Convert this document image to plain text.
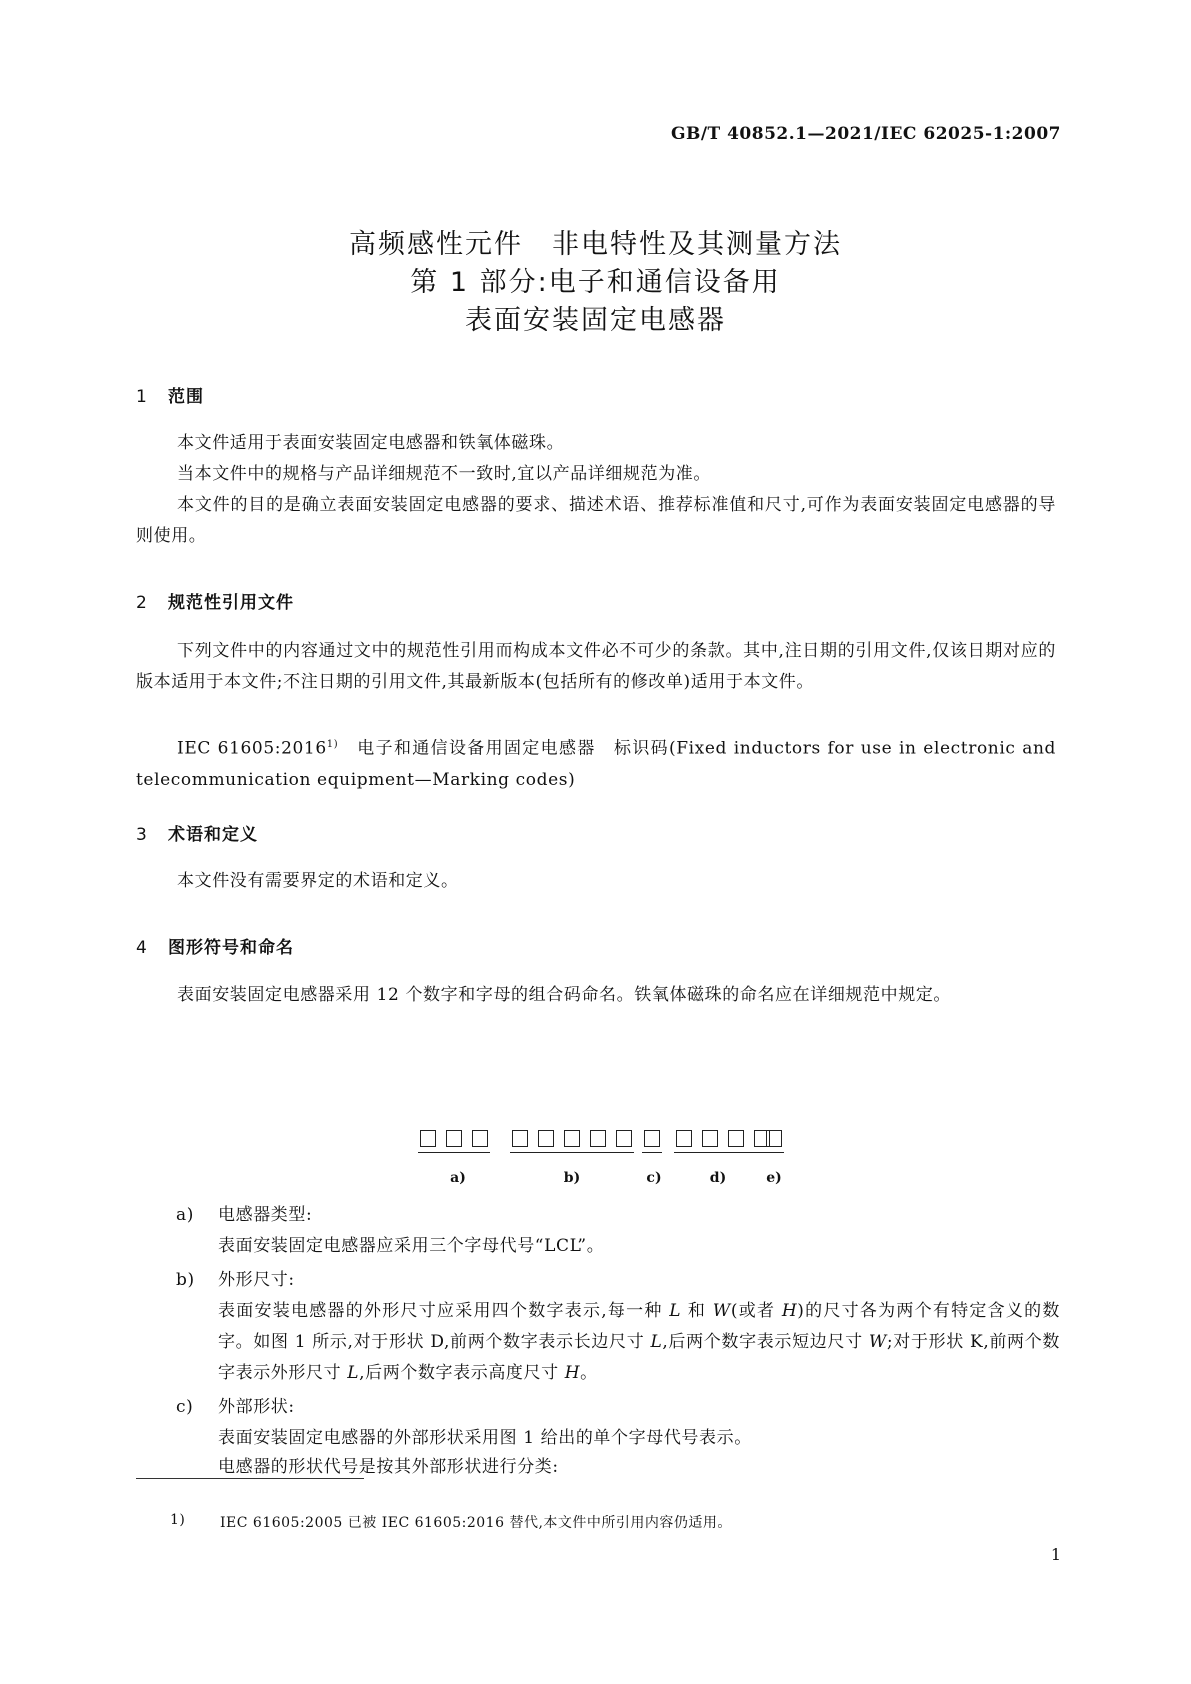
GB/T 40852.1—2021/IEC 62025-1:2007
高频感性元件　非电特性及其测量方法
第 1 部分:电子和通信设备用
表面安装固定电感器
1 范围
本文件适用于表面安装固定电感器和铁氧体磁珠。
当本文件中的规格与产品详细规范不一致时,宜以产品详细规范为准。
本文件的目的是确立表面安装固定电感器的要求、描述术语、推荐标准值和尺寸,可作为表面安装固定电感器的导则使用。
2 规范性引用文件
下列文件中的内容通过文中的规范性引用而构成本文件必不可少的条款。其中,注日期的引用文件,仅该日期对应的版本适用于本文件;不注日期的引用文件,其最新版本(包括所有的修改单)适用于本文件。
IEC 61605:2016$^{1)}$　电子和通信设备用固定电感器　标识码(Fixed inductors for use in electronic and telecommunication equipment—Marking codes)
3 术语和定义
本文件没有需要界定的术语和定义。
4 图形符号和命名
表面安装固定电感器采用 12 个数字和字母的组合码命名。铁氧体磁珠的命名应在详细规范中规定。
a)	b)	c)	d)	e)
a) 电感器类型:
表面安装固定电感器应采用三个字母代号“LCL”。
b) 外形尺寸:
表面安装电感器的外形尺寸应采用四个数字表示,每一种 L 和 W(或者 H)的尺寸各为两个有特定含义的数字。如图 1 所示,对于形状 D,前两个数字表示长边尺寸 L,后两个数字表示短边尺寸 W;对于形状 K,前两个数字表示外形尺寸 L,后两个数字表示高度尺寸 H。
c) 外部形状:
表面安装固定电感器的外部形状采用图 1 给出的单个字母代号表示。
电感器的形状代号是按其外部形状进行分类:
1) IEC 61605:2005 已被 IEC 61605:2016 替代,本文件中所引用内容仍适用。
1
